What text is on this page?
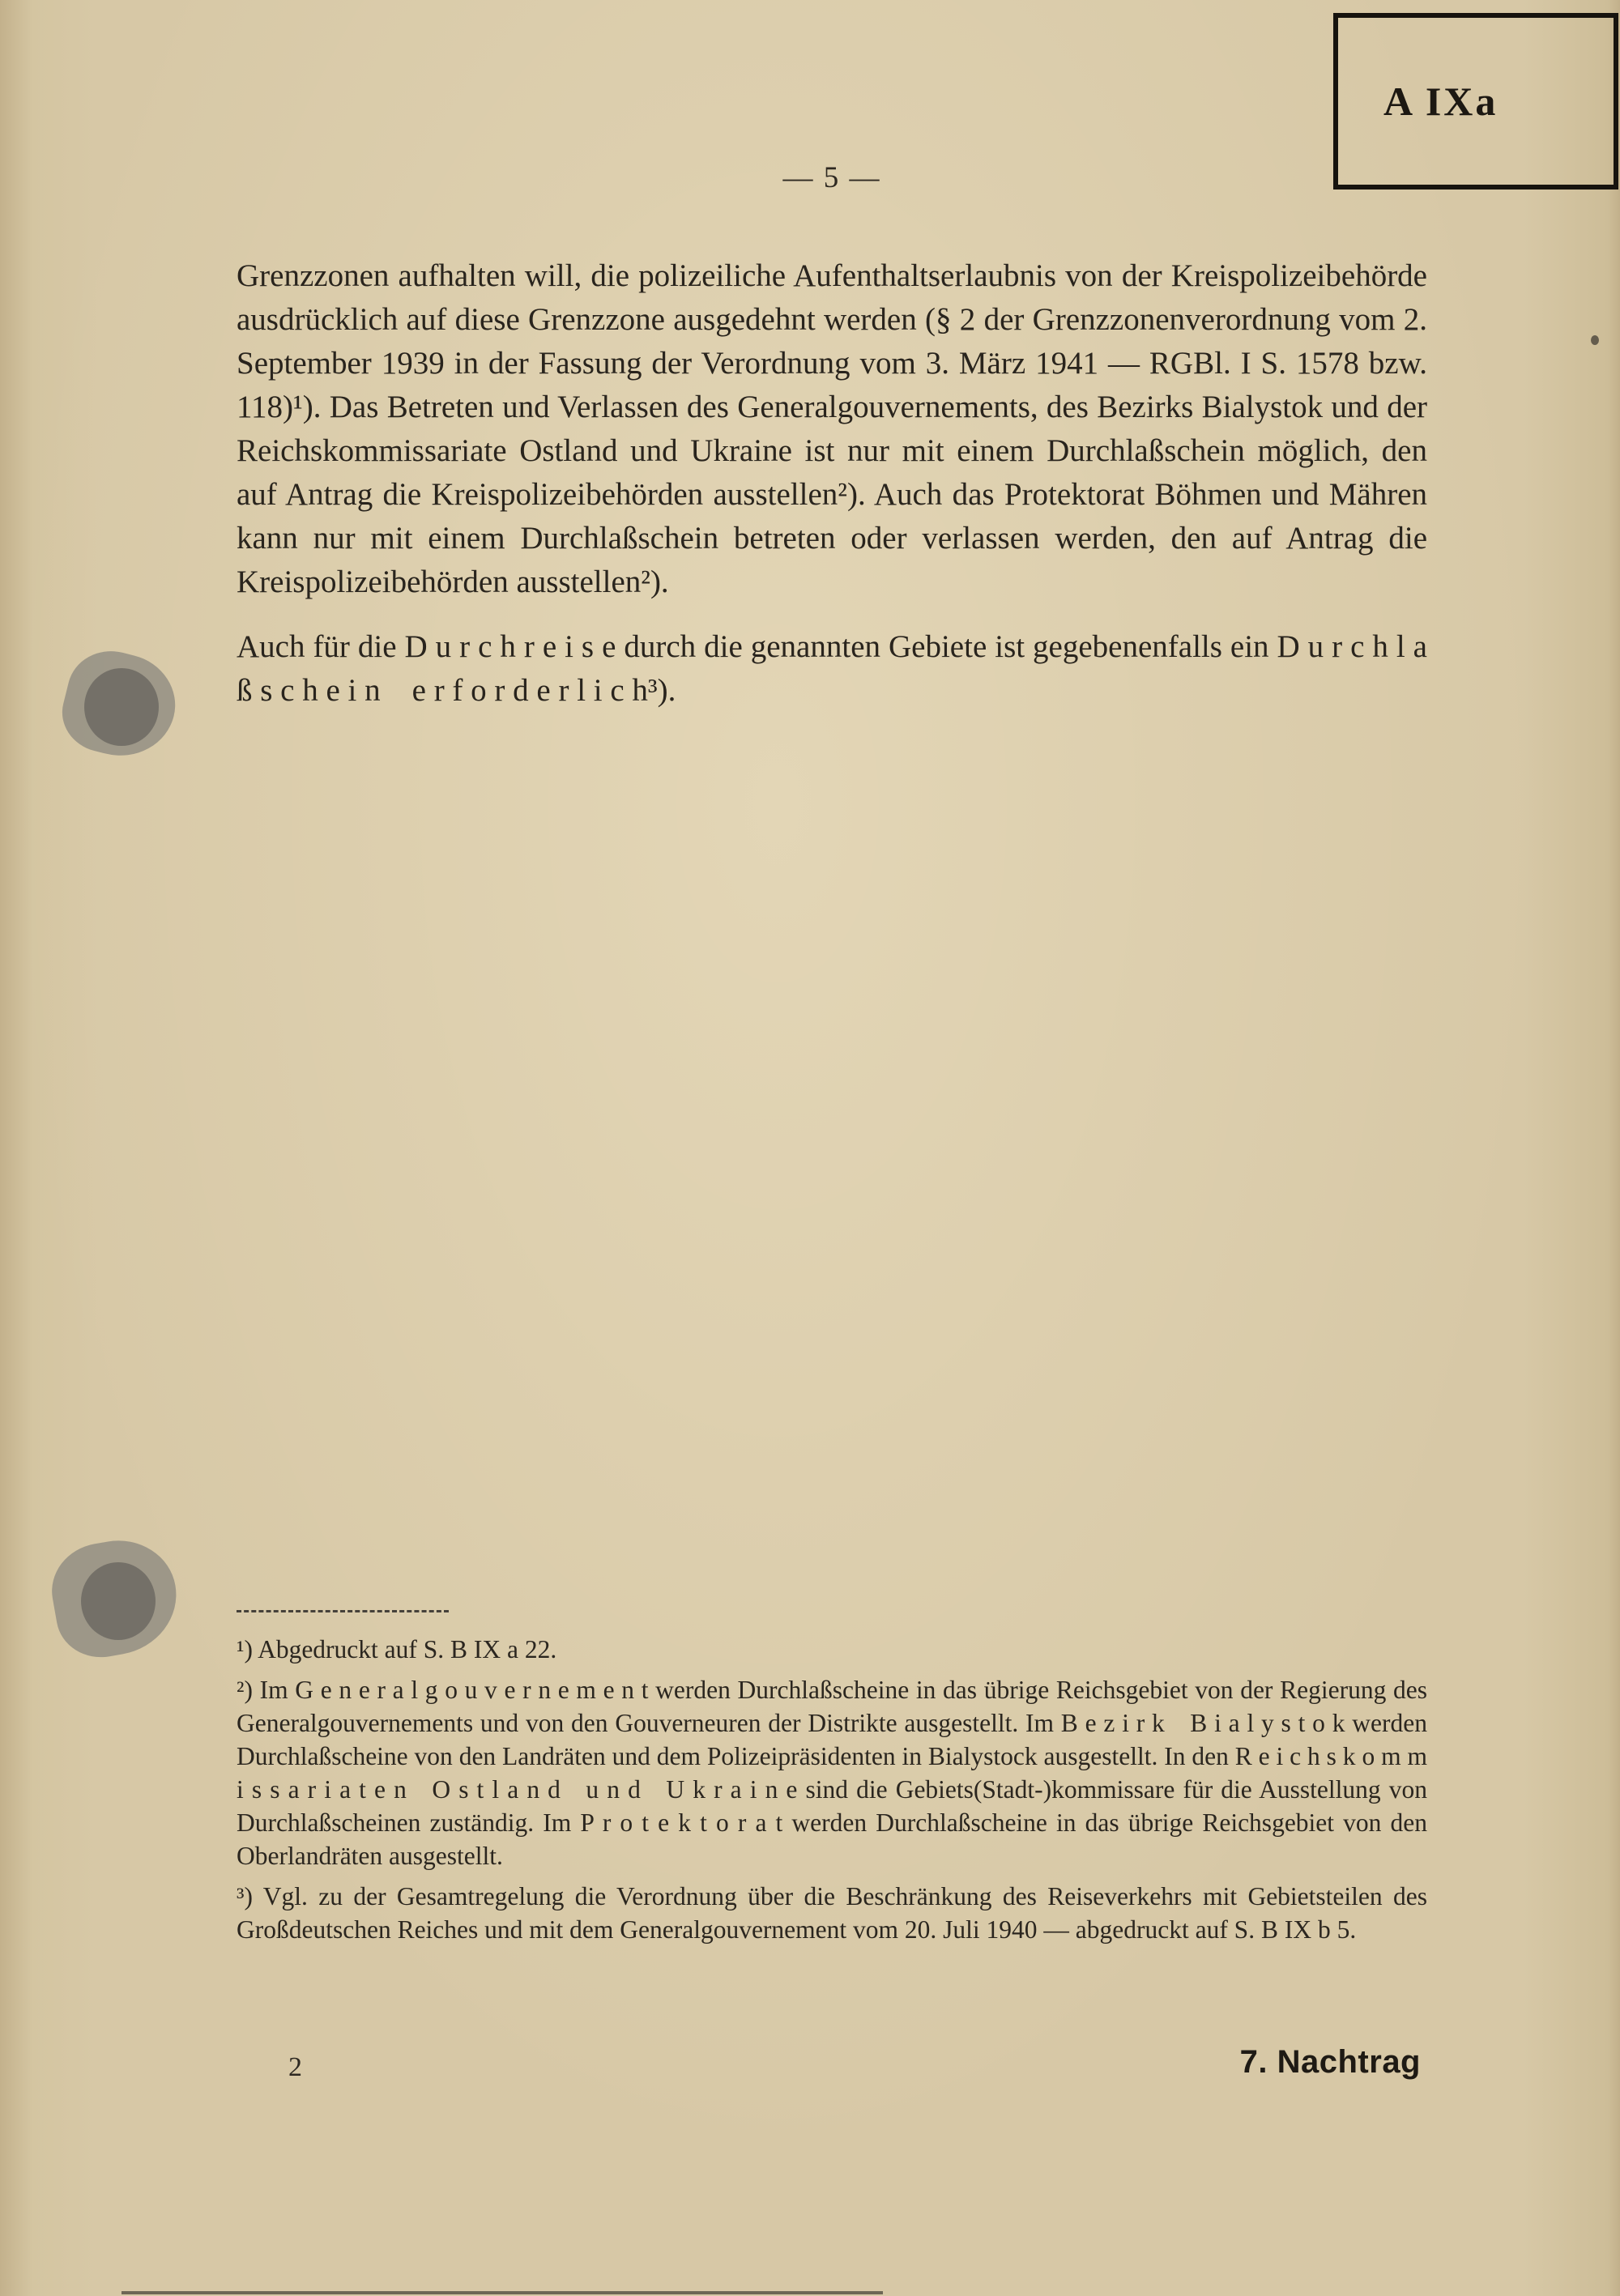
A IXa
— 5 —

Grenzzonen aufhalten will, die polizeiliche Aufenthaltserlaubnis von der Kreispolizeibehörde ausdrücklich auf diese Grenzzone ausgedehnt werden (§ 2 der Grenzzonenverordnung vom 2. September 1939 in der Fassung der Verordnung vom 3. März 1941 — RGBl. I S. 1578 bzw. 118)¹). Das Betreten und Verlassen des Generalgouvernements, des Bezirks Bialystok und der Reichskommissariate Ostland und Ukraine ist nur mit einem Durchlaßschein möglich, den auf Antrag die Kreispolizeibehörden ausstellen²). Auch das Protektorat Böhmen und Mähren kann nur mit einem Durchlaßschein betreten oder verlassen werden, den auf Antrag die Kreispolizeibehörden ausstellen²).

Auch für die D u r c h r e i s e durch die genannten Gebiete ist gegebenenfalls ein D u r c h l a ß s c h e i n e r f o r d e r l i c h³).

¹) Abgedruckt auf S. B IX a 22.

²) Im G e n e r a l g o u v e r n e m e n t werden Durchlaßscheine in das übrige Reichsgebiet von der Regierung des Generalgouvernements und von den Gouverneuren der Distrikte ausgestellt. Im B e z i r k B i a l y s t o k werden Durchlaßscheine von den Landräten und dem Polizeipräsidenten in Bialystock ausgestellt. In den R e i c h s k o m m i s s a r i a t e n O s t l a n d u n d U k r a i n e sind die Gebiets(Stadt-)kommissare für die Ausstellung von Durchlaßscheinen zuständig. Im P r o t e k t o r a t werden Durchlaßscheine in das übrige Reichsgebiet von den Oberlandräten ausgestellt.

³) Vgl. zu der Gesamtregelung die Verordnung über die Beschränkung des Reiseverkehrs mit Gebietsteilen des Großdeutschen Reiches und mit dem Generalgouvernement vom 20. Juli 1940 — abgedruckt auf S. B IX b 5.

2	7. Nachtrag
